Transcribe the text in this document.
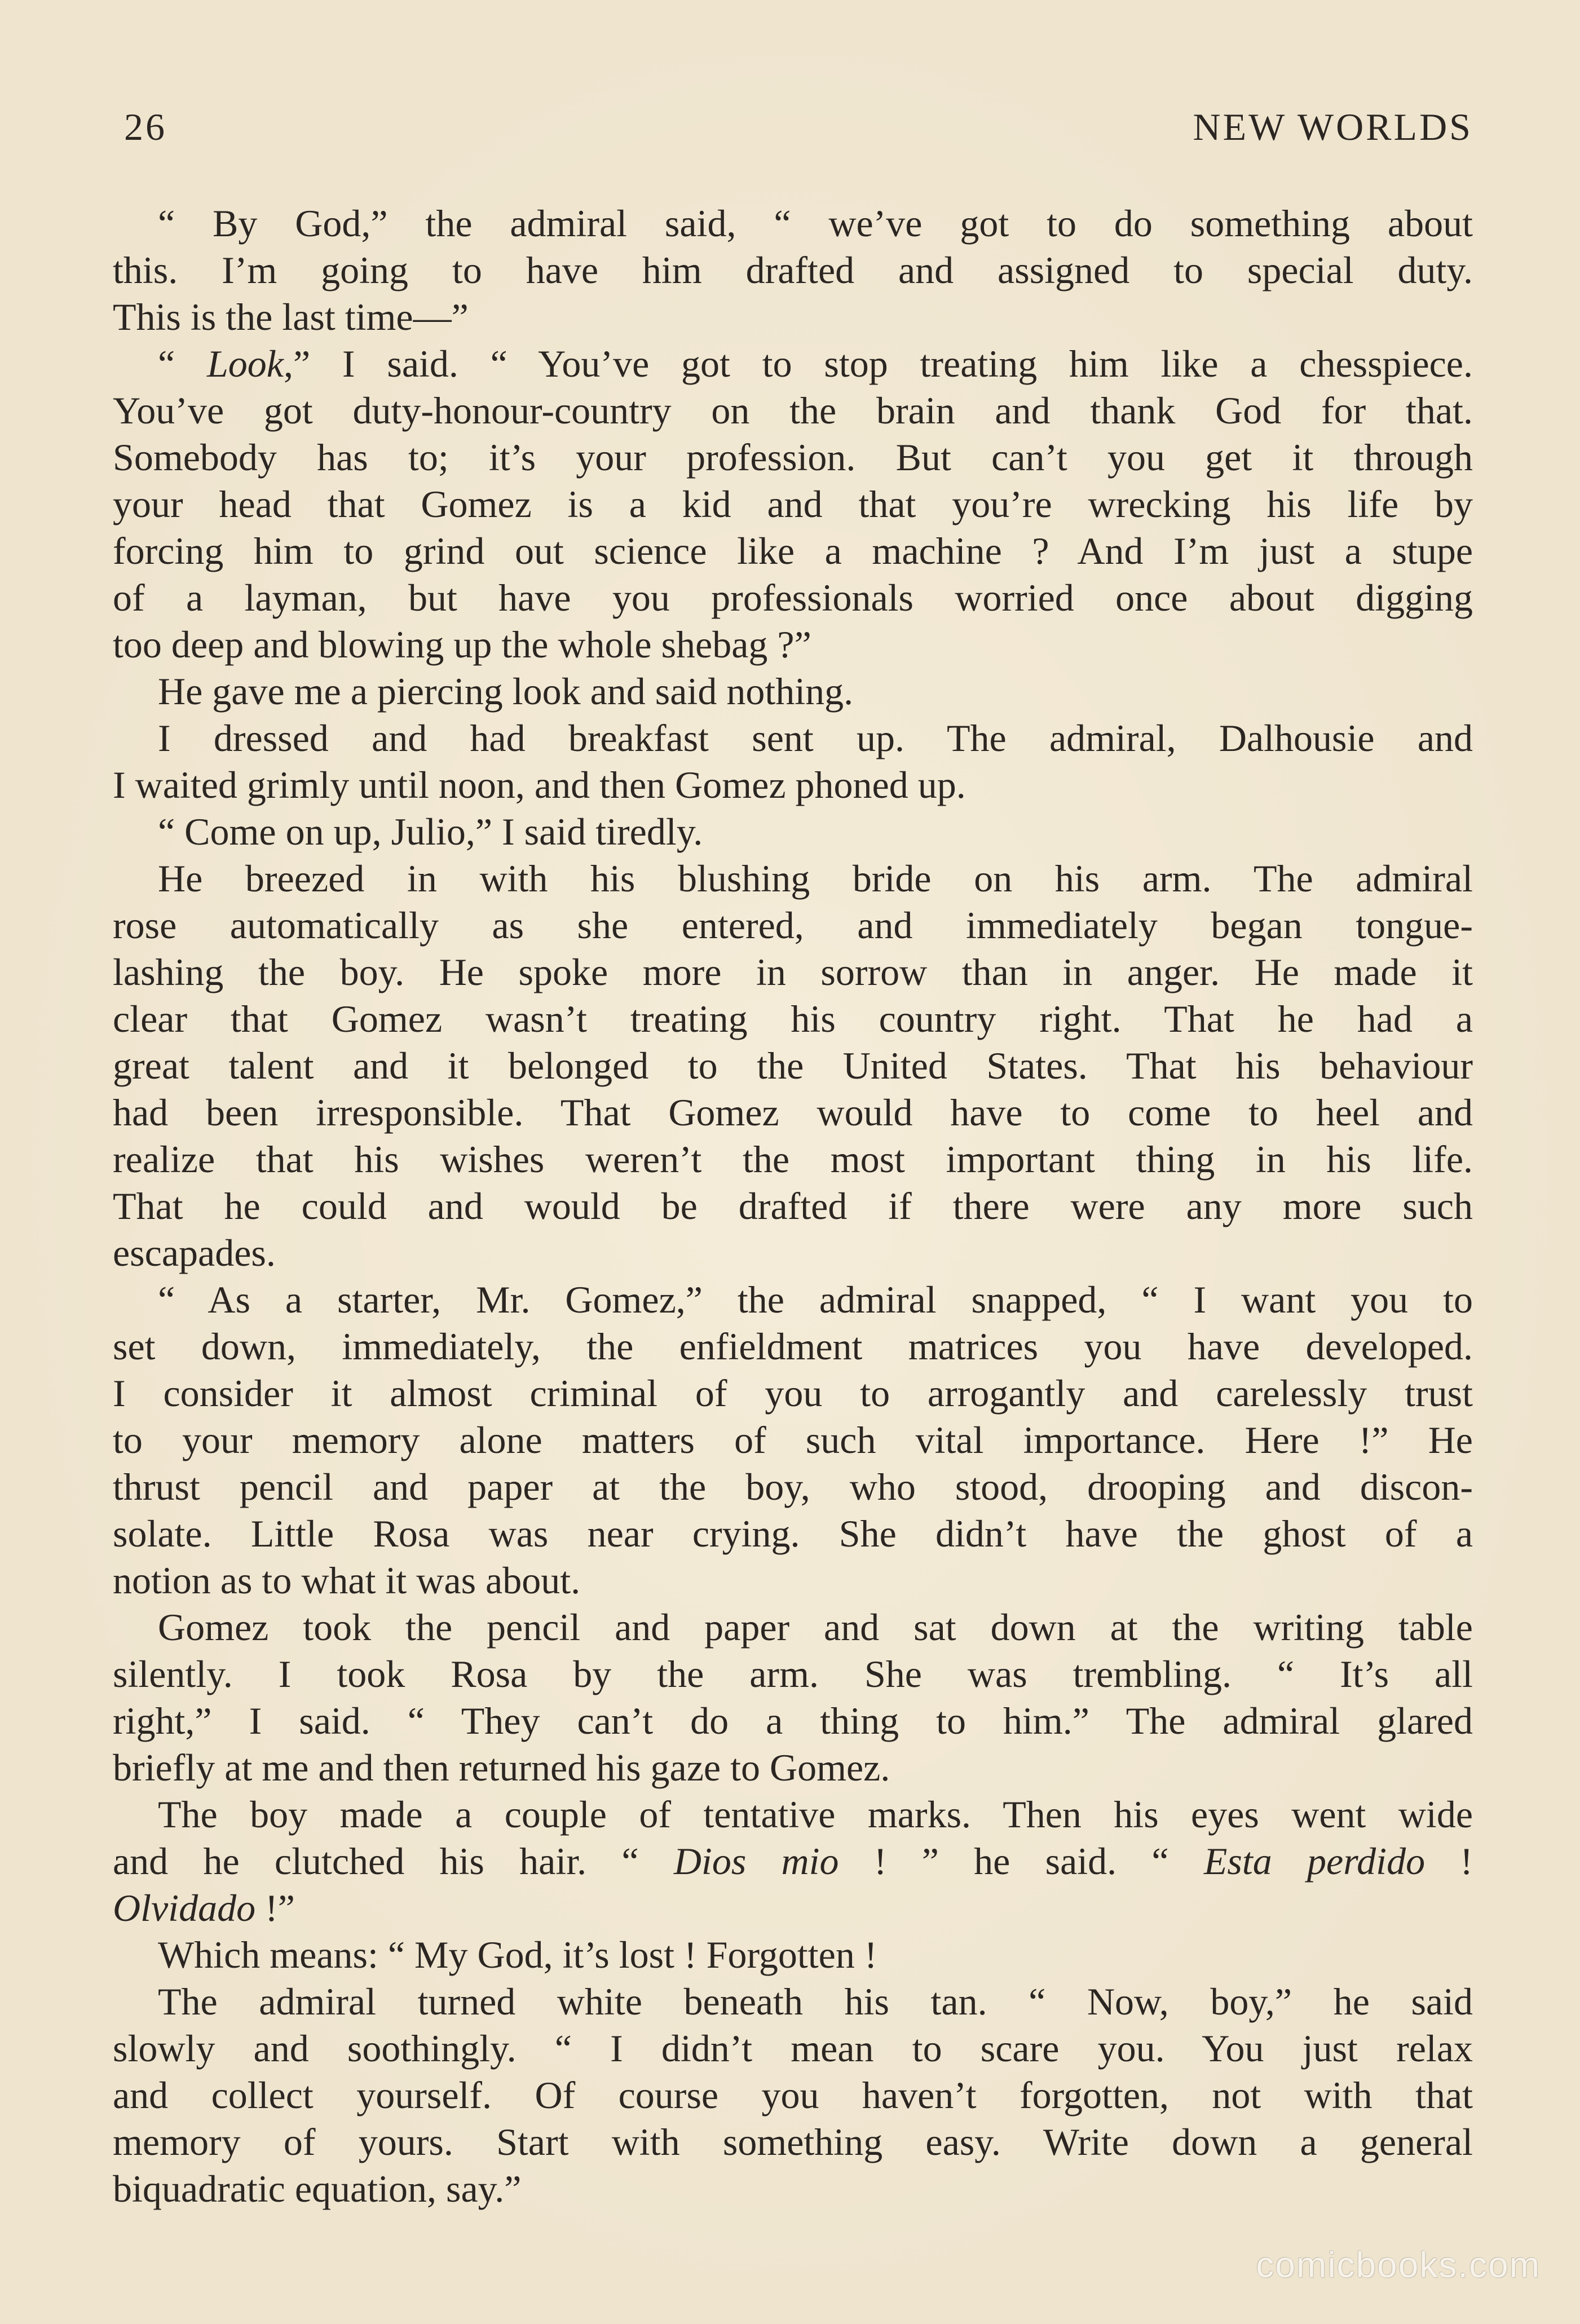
26	NEW WORLDS
“ By God,” the admiral said, “ we’ve got to do something about
this. I’m going to have him drafted and assigned to special duty.
This is the last time—”
“ Look,” I said. “ You’ve got to stop treating him like a chesspiece.
You’ve got duty-honour-country on the brain and thank God for that.
Somebody has to; it’s your profession. But can’t you get it through
your head that Gomez is a kid and that you’re wrecking his life by
forcing him to grind out science like a machine ? And I’m just a stupe
of a layman, but have you professionals worried once about digging
too deep and blowing up the whole shebag ?”
He gave me a piercing look and said nothing.
I dressed and had breakfast sent up. The admiral, Dalhousie and
I waited grimly until noon, and then Gomez phoned up.
“ Come on up, Julio,” I said tiredly.
He breezed in with his blushing bride on his arm. The admiral
rose automatically as she entered, and immediately began tongue-
lashing the boy. He spoke more in sorrow than in anger. He made it
clear that Gomez wasn’t treating his country right. That he had a
great talent and it belonged to the United States. That his behaviour
had been irresponsible. That Gomez would have to come to heel and
realize that his wishes weren’t the most important thing in his life.
That he could and would be drafted if there were any more such
escapades.
“ As a starter, Mr. Gomez,” the admiral snapped, “ I want you to
set down, immediately, the enfieldment matrices you have developed.
I consider it almost criminal of you to arrogantly and carelessly trust
to your memory alone matters of such vital importance. Here !” He
thrust pencil and paper at the boy, who stood, drooping and discon-
solate. Little Rosa was near crying. She didn’t have the ghost of a
notion as to what it was about.
Gomez took the pencil and paper and sat down at the writing table
silently. I took Rosa by the arm. She was trembling. “ It’s all
right,” I said. “ They can’t do a thing to him.” The admiral glared
briefly at me and then returned his gaze to Gomez.
The boy made a couple of tentative marks. Then his eyes went wide
and he clutched his hair. “ Dios mio ! ” he said. “ Esta perdido !
Olvidado !”
Which means: “ My God, it’s lost ! Forgotten !
The admiral turned white beneath his tan. “ Now, boy,” he said
slowly and soothingly. “ I didn’t mean to scare you. You just relax
and collect yourself. Of course you haven’t forgotten, not with that
memory of yours. Start with something easy. Write down a general
biquadratic equation, say.”
comicbooks.com
